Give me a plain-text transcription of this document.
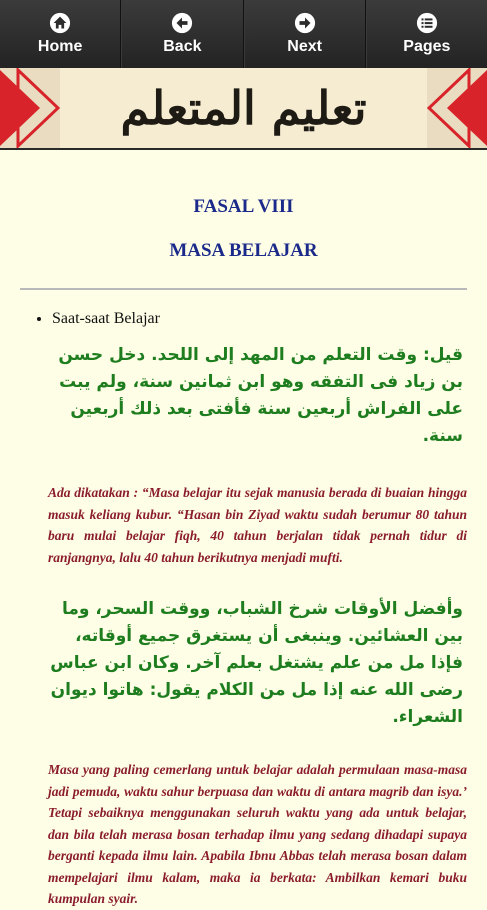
Home	Back	Next	Pages
تعليم المتعلم
FASAL VIII
MASA BELAJAR
• Saat-saat Belajar
قيل: وقت التعلم من المهد إلى اللحد. دخل حسن بن زياد فى التفقه وهو ابن ثمانين سنة، ولم يبت على الفراش أربعين سنة فأفتى بعد ذلك أربعين سنة.
Ada dikatakan : “Masa belajar itu sejak manusia berada di buaian hingga masuk keliang kubur. “Hasan bin Ziyad waktu sudah berumur 80 tahun baru mulai belajar fiqh, 40 tahun berjalan tidak pernah tidur di ranjangnya, lalu 40 tahun berikutnya menjadi mufti.
وأفضل الأوقات شرخ الشباب، ووقت السحر، وما بين العشائين. وينبغى أن يستغرق جميع أوقاته، فإذا مل من علم يشتغل بعلم آخر. وكان ابن عباس رضى الله عنه إذا مل من الكلام يقول: هاتوا ديوان الشعراء.
Masa yang paling cemerlang untuk belajar adalah permulaan masa-masa jadi pemuda, waktu sahur berpuasa dan waktu di antara magrib dan isya.’ Tetapi sebaiknya menggunakan seluruh waktu yang ada untuk belajar, dan bila telah merasa bosan terhadap ilmu yang sedang dihadapi supaya berganti kepada ilmu lain. Apabila Ibnu Abbas telah merasa bosan dalam mempelajari ilmu kalam, maka ia berkata: Ambilkan kemari buku kumpulan syair.
